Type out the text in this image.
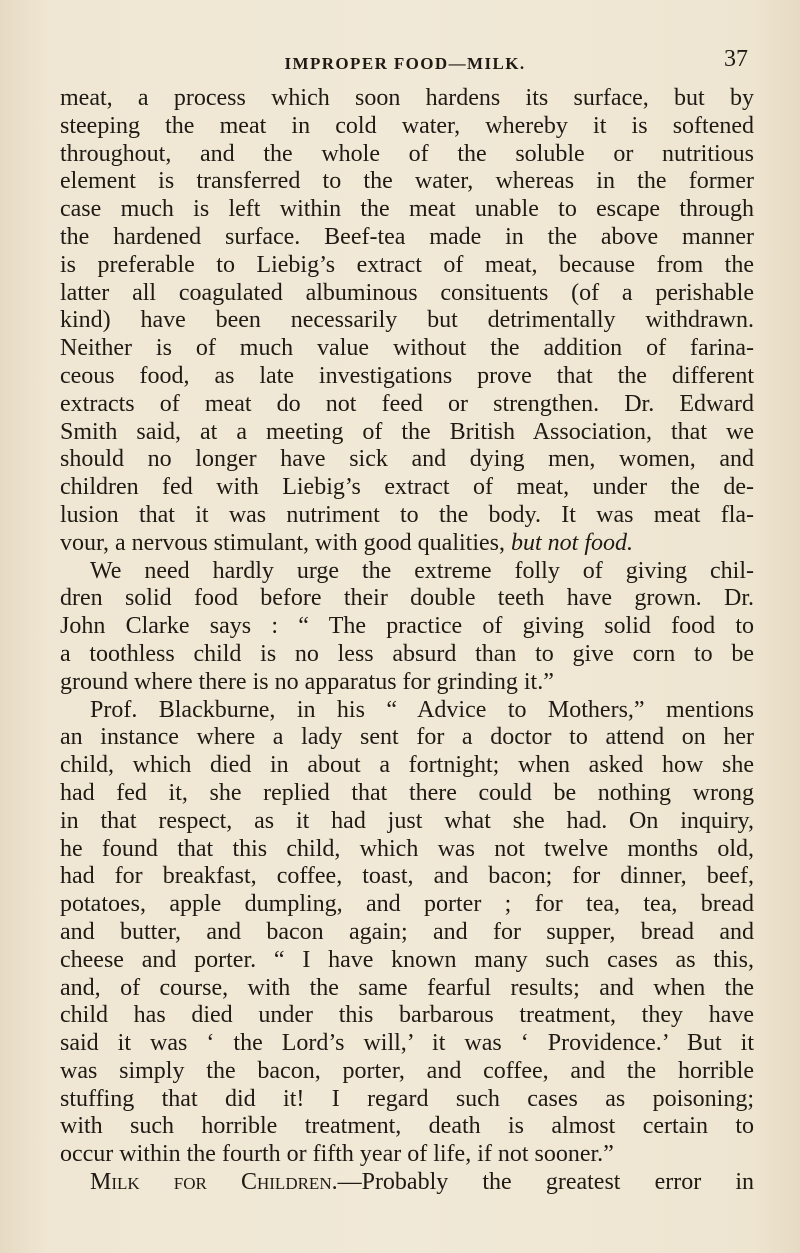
IMPROPER FOOD—MILK.	37
meat, a process which soon hardens its surface, but by
steeping the meat in cold water, whereby it is softened
throughout, and the whole of the soluble or nutritious
element is transferred to the water, whereas in the former
case much is left within the meat unable to escape through
the hardened surface. Beef-tea made in the above manner
is preferable to Liebig’s extract of meat, because from the
latter all coagulated albuminous consituents (of a perishable
kind) have been necessarily but detrimentally withdrawn.
Neither is of much value without the addition of farina-
ceous food, as late investigations prove that the different
extracts of meat do not feed or strengthen. Dr. Edward
Smith said, at a meeting of the British Association, that we
should no longer have sick and dying men, women, and
children fed with Liebig’s extract of meat, under the de-
lusion that it was nutriment to the body. It was meat fla-
vour, a nervous stimulant, with good qualities, but not food.
We need hardly urge the extreme folly of giving chil-
dren solid food before their double teeth have grown. Dr.
John Clarke says : “ The practice of giving solid food to
a toothless child is no less absurd than to give corn to be
ground where there is no apparatus for grinding it.”
Prof. Blackburne, in his “ Advice to Mothers,” mentions
an instance where a lady sent for a doctor to attend on her
child, which died in about a fortnight; when asked how she
had fed it, she replied that there could be nothing wrong
in that respect, as it had just what she had. On inquiry,
he found that this child, which was not twelve months old,
had for breakfast, coffee, toast, and bacon; for dinner, beef,
potatoes, apple dumpling, and porter ; for tea, tea, bread
and butter, and bacon again; and for supper, bread and
cheese and porter. “ I have known many such cases as this,
and, of course, with the same fearful results; and when the
child has died under this barbarous treatment, they have
said it was ‘ the Lord’s will,’ it was ‘ Providence.’ But it
was simply the bacon, porter, and coffee, and the horrible
stuffing that did it! I regard such cases as poisoning;
with such horrible treatment, death is almost certain to
occur within the fourth or fifth year of life, if not sooner.”
Milk for Children.—Probably the greatest error in
